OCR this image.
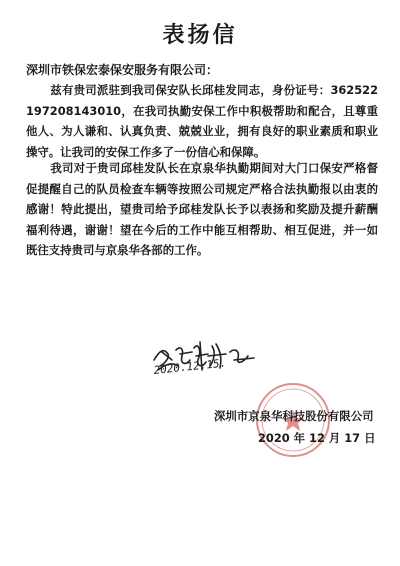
表扬信
深圳市铁保宏泰保安服务有限公司：
兹有贵司派驻到我司保安队长邱桂发同志，身份证号：362522197208143010，在我司执勤安保工作中积极帮助和配合，且尊重他人、为人谦和、认真负责、兢兢业业，拥有良好的职业素质和职业操守。让我司的安保工作多了一份信心和保障。
我司对于贵司邱桂发队长在京泉华执勤期间对大门口保安严格督促提醒自己的队员检查车辆等按照公司规定严格合法执勤报以由衷的感谢！特此提出，望贵司给予邱桂发队长予以表扬和奖励及提升薪酬福利待遇，谢谢！望在今后的工作中能互相帮助、相互促进，并一如既往支持贵司与京泉华各部的工作。
2020.12.15.
深圳市京泉华科技股份有限公司
2020 年 12 月 17 日
